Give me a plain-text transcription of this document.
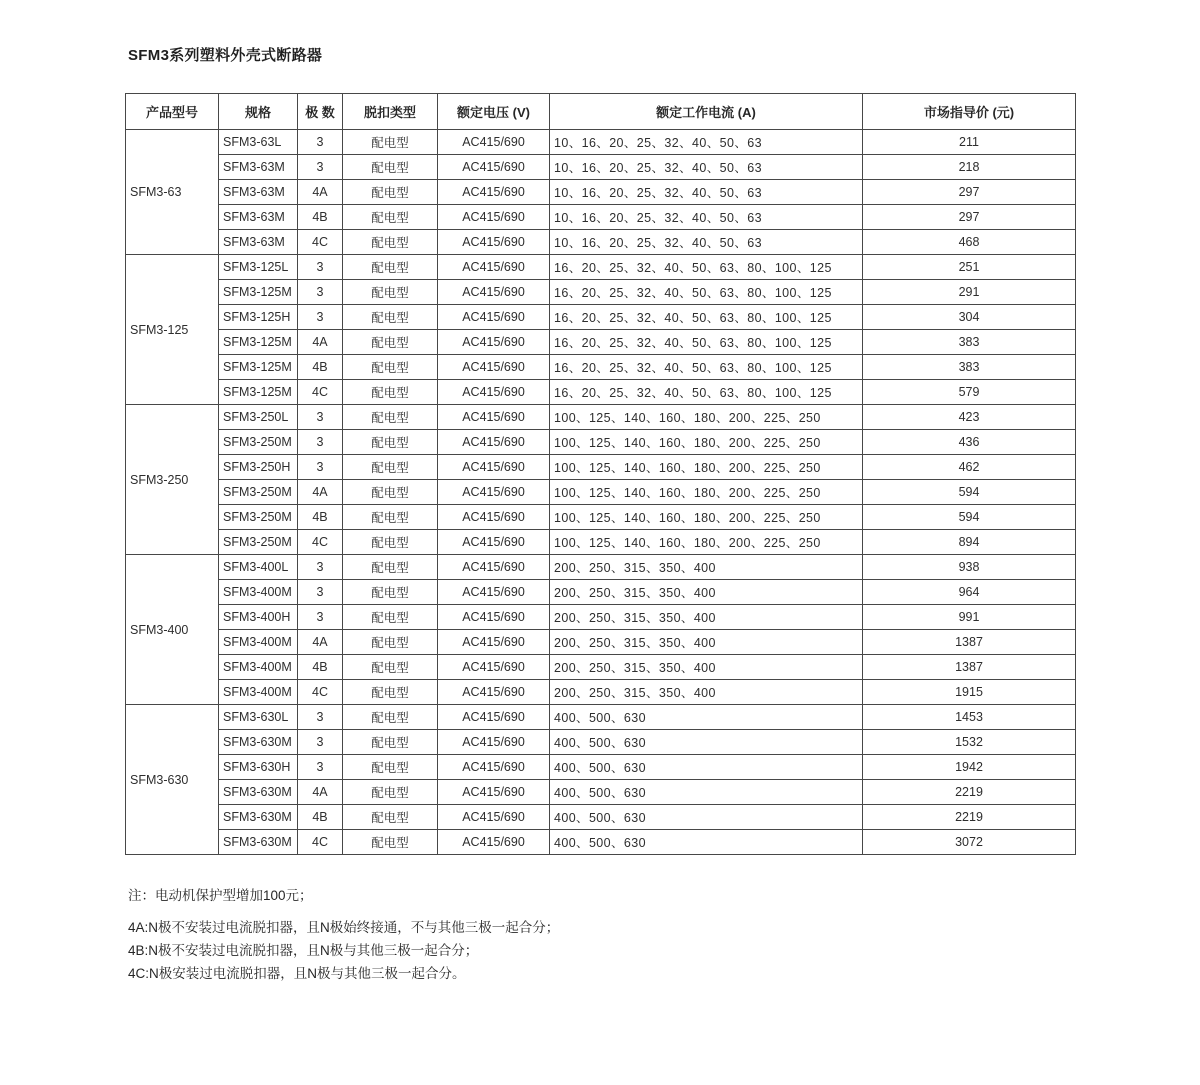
SFM3系列塑料外壳式断路器
产品型号	规格	极 数	脱扣类型	额定电压 (V)	额定工作电流 (A)	市场指导价 (元)
SFM3-63	SFM3-63L	3	配电型	AC415/690	10、16、20、25、32、40、50、63	211
	SFM3-63M	3	配电型	AC415/690	10、16、20、25、32、40、50、63	218
	SFM3-63M	4A	配电型	AC415/690	10、16、20、25、32、40、50、63	297
	SFM3-63M	4B	配电型	AC415/690	10、16、20、25、32、40、50、63	297
	SFM3-63M	4C	配电型	AC415/690	10、16、20、25、32、40、50、63	468
SFM3-125	SFM3-125L	3	配电型	AC415/690	16、20、25、32、40、50、63、80、100、125	251
	SFM3-125M	3	配电型	AC415/690	16、20、25、32、40、50、63、80、100、125	291
	SFM3-125H	3	配电型	AC415/690	16、20、25、32、40、50、63、80、100、125	304
	SFM3-125M	4A	配电型	AC415/690	16、20、25、32、40、50、63、80、100、125	383
	SFM3-125M	4B	配电型	AC415/690	16、20、25、32、40、50、63、80、100、125	383
	SFM3-125M	4C	配电型	AC415/690	16、20、25、32、40、50、63、80、100、125	579
SFM3-250	SFM3-250L	3	配电型	AC415/690	100、125、140、160、180、200、225、250	423
	SFM3-250M	3	配电型	AC415/690	100、125、140、160、180、200、225、250	436
	SFM3-250H	3	配电型	AC415/690	100、125、140、160、180、200、225、250	462
	SFM3-250M	4A	配电型	AC415/690	100、125、140、160、180、200、225、250	594
	SFM3-250M	4B	配电型	AC415/690	100、125、140、160、180、200、225、250	594
	SFM3-250M	4C	配电型	AC415/690	100、125、140、160、180、200、225、250	894
SFM3-400	SFM3-400L	3	配电型	AC415/690	200、250、315、350、400	938
	SFM3-400M	3	配电型	AC415/690	200、250、315、350、400	964
	SFM3-400H	3	配电型	AC415/690	200、250、315、350、400	991
	SFM3-400M	4A	配电型	AC415/690	200、250、315、350、400	1387
	SFM3-400M	4B	配电型	AC415/690	200、250、315、350、400	1387
	SFM3-400M	4C	配电型	AC415/690	200、250、315、350、400	1915
SFM3-630	SFM3-630L	3	配电型	AC415/690	400、500、630	1453
	SFM3-630M	3	配电型	AC415/690	400、500、630	1532
	SFM3-630H	3	配电型	AC415/690	400、500、630	1942
	SFM3-630M	4A	配电型	AC415/690	400、500、630	2219
	SFM3-630M	4B	配电型	AC415/690	400、500、630	2219
	SFM3-630M	4C	配电型	AC415/690	400、500、630	3072
注：电动机保护型增加100元；
4A:N极不安装过电流脱扣器，且N极始终接通，不与其他三极一起合分；
4B:N极不安装过电流脱扣器，且N极与其他三极一起合分；
4C:N极安装过电流脱扣器，且N极与其他三极一起合分。
